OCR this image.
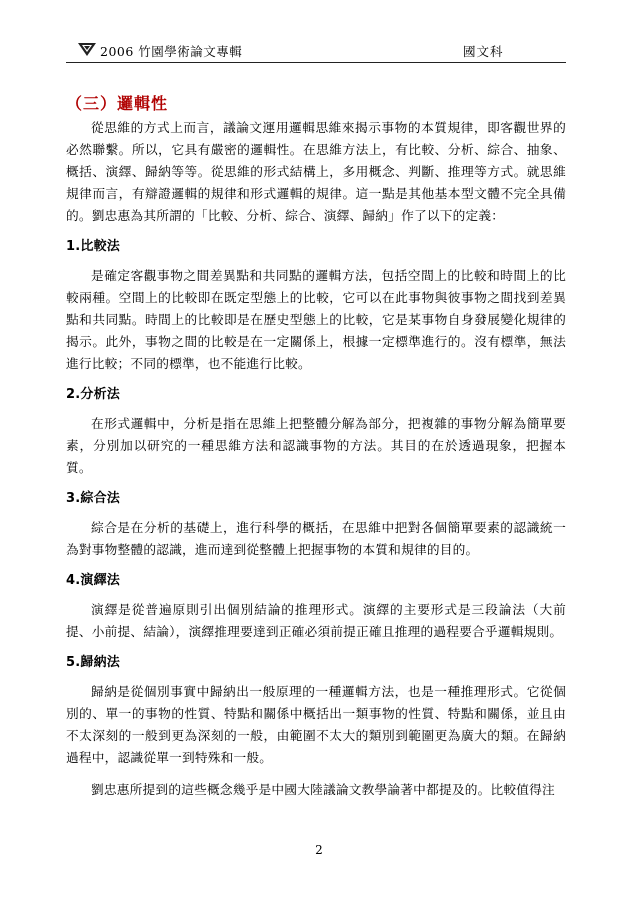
2006 竹園學術論文專輯	國文科
（三）邏輯性

從思維的方式上而言，議論文運用邏輯思維來揭示事物的本質規律，即客觀世界的必然聯繫。所以，它具有嚴密的邏輯性。在思維方法上，有比較、分析、綜合、抽象、概括、演繹、歸納等等。從思維的形式結構上，多用概念、判斷、推理等方式。就思維規律而言，有辯證邏輯的規律和形式邏輯的規律。這一點是其他基本型文體不完全具備的。劉忠惠為其所謂的「比較、分析、綜合、演繹、歸納」作了以下的定義：

1.比較法

是確定客觀事物之間差異點和共同點的邏輯方法，包括空間上的比較和時間上的比較兩種。空間上的比較即在既定型態上的比較，它可以在此事物與彼事物之間找到差異點和共同點。時間上的比較即是在歷史型態上的比較，它是某事物自身發展變化規律的揭示。此外，事物之間的比較是在一定關係上，根據一定標準進行的。沒有標準，無法進行比較；不同的標準，也不能進行比較。

2.分析法

在形式邏輯中，分析是指在思維上把整體分解為部分，把複雜的事物分解為簡單要素，分別加以研究的一種思維方法和認識事物的方法。其目的在於透過現象，把握本質。

3.綜合法

綜合是在分析的基礎上，進行科學的概括，在思維中把對各個簡單要素的認識統一為對事物整體的認識，進而達到從整體上把握事物的本質和規律的目的。

4.演繹法

演繹是從普遍原則引出個別結論的推理形式。演繹的主要形式是三段論法（大前提、小前提、結論），演繹推理要達到正確必須前提正確且推理的過程要合乎邏輯規則。

5.歸納法

歸納是從個別事實中歸納出一般原理的一種邏輯方法，也是一種推理形式。它從個別的、單一的事物的性質、特點和關係中概括出一類事物的性質、特點和關係，並且由不太深刻的一般到更為深刻的一般，由範圍不太大的類別到範圍更為廣大的類。在歸納過程中，認識從單一到特殊和一般。

劉忠惠所提到的這些概念幾乎是中國大陸議論文教學論著中都提及的。比較值得注

2
